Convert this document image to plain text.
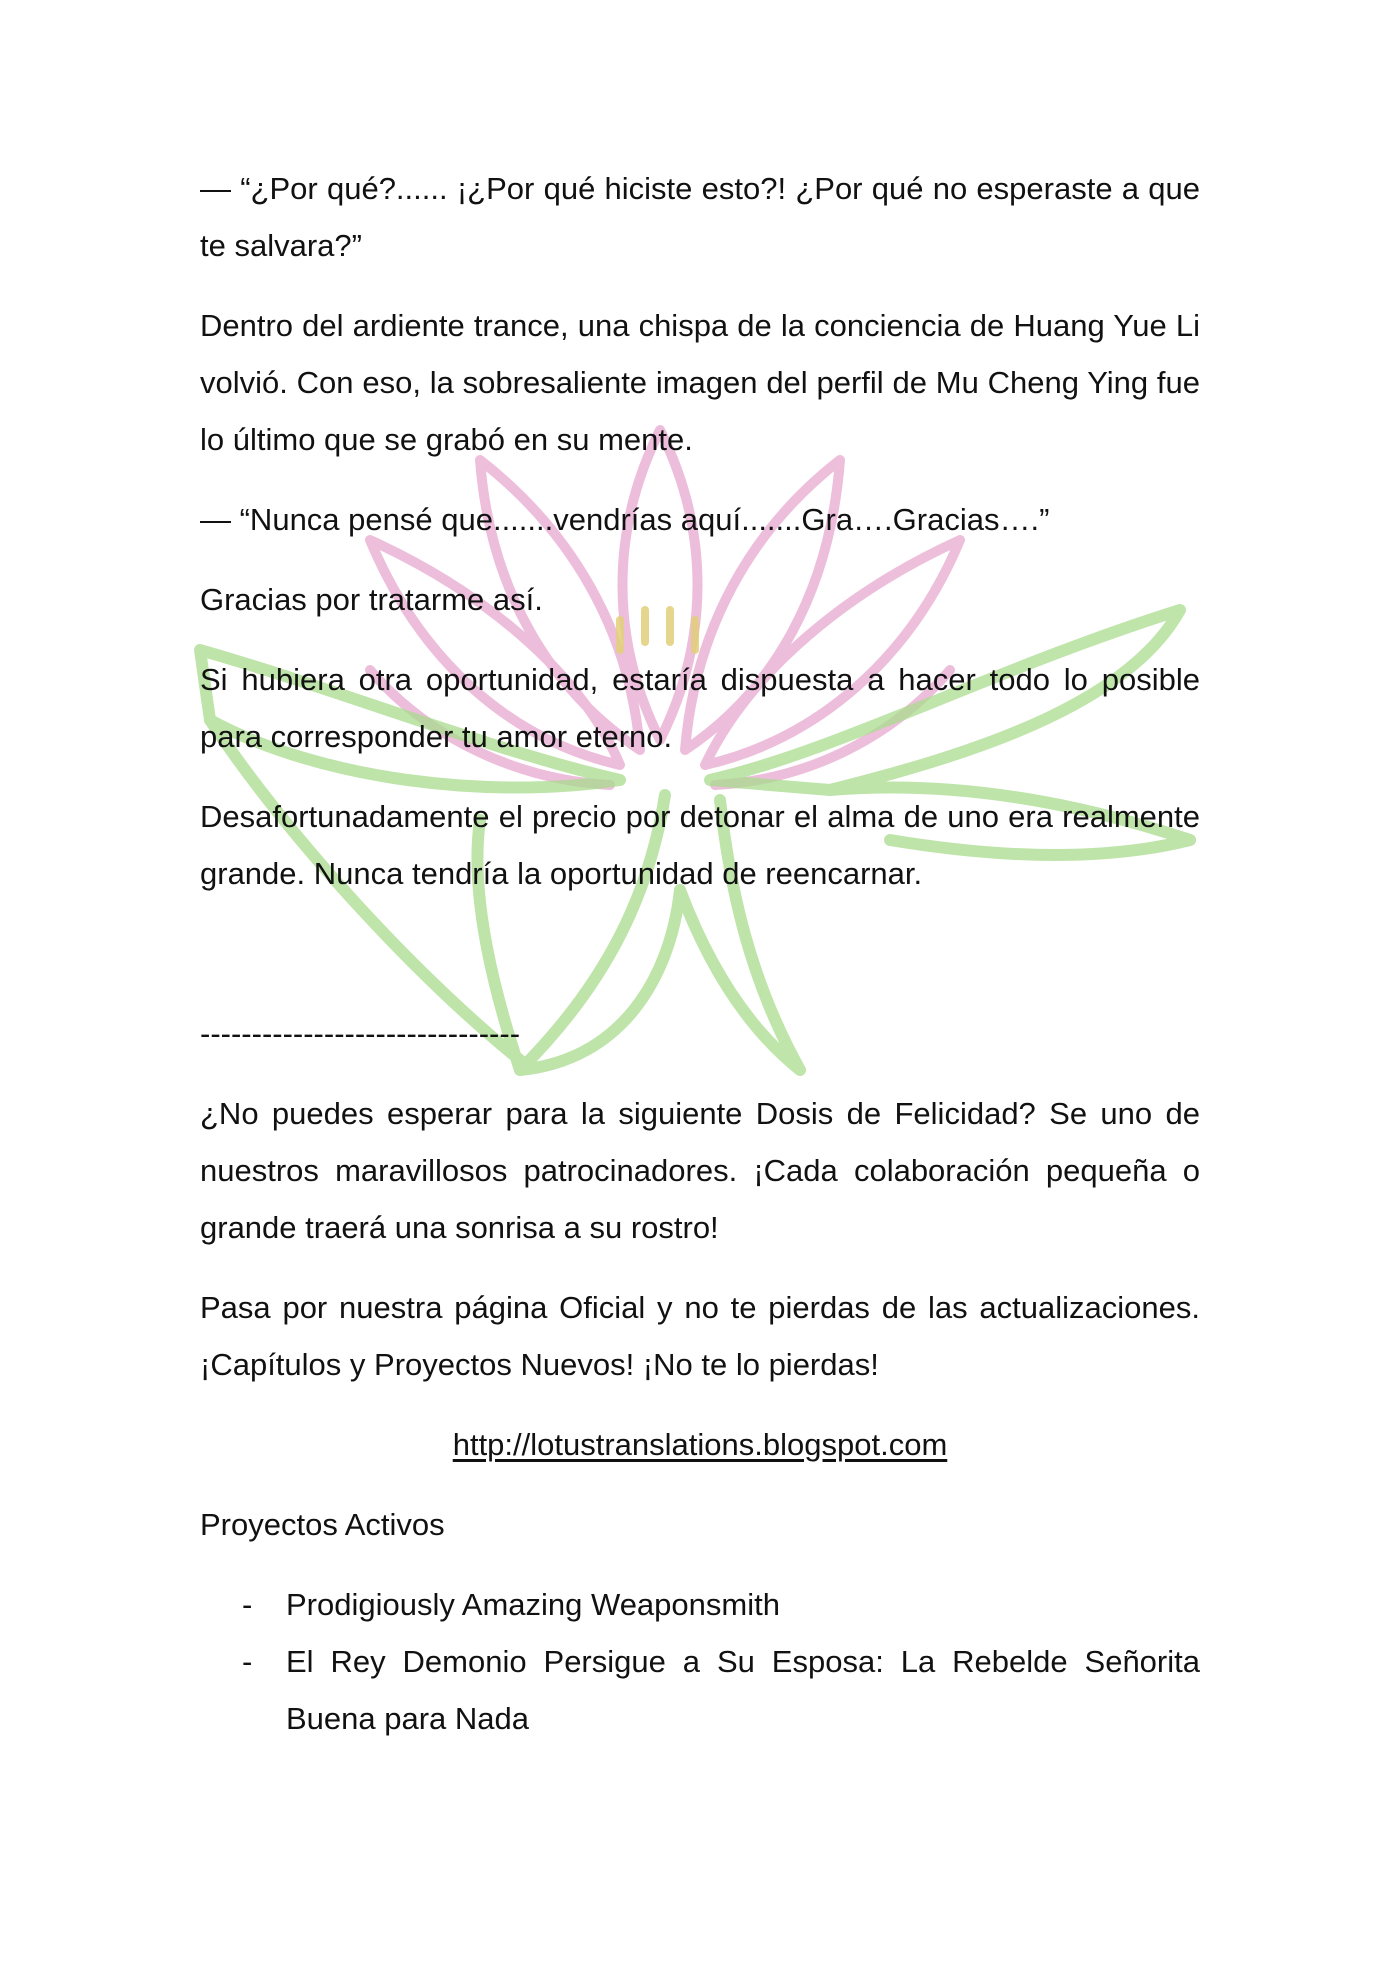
— “¿Por qué?...... ¡¿Por qué hiciste esto?! ¿Por qué no esperaste a que te salvara?”

Dentro del ardiente trance, una chispa de la conciencia de Huang Yue Li volvió. Con eso, la sobresaliente imagen del perfil de Mu Cheng Ying fue lo último que se grabó en su mente.

— “Nunca pensé que.......vendrías aquí.......Gra….Gracias….”

Gracias por tratarme así.

Si hubiera otra oportunidad, estaría dispuesta a hacer todo lo posible para corresponder tu amor eterno.

Desafortunadamente el precio por detonar el alma de uno era realmente grande. Nunca tendría la oportunidad de reencarnar.

-------------------------------

¿No puedes esperar para la siguiente Dosis de Felicidad? Se uno de nuestros maravillosos patrocinadores. ¡Cada colaboración pequeña o grande traerá una sonrisa a su rostro!

Pasa por nuestra página Oficial y no te pierdas de las actualizaciones. ¡Capítulos y Proyectos Nuevos! ¡No te lo pierdas!

http://lotustranslations.blogspot.com

Proyectos Activos

- Prodigiously Amazing Weaponsmith
- El Rey Demonio Persigue a Su Esposa: La Rebelde Señorita Buena para Nada
